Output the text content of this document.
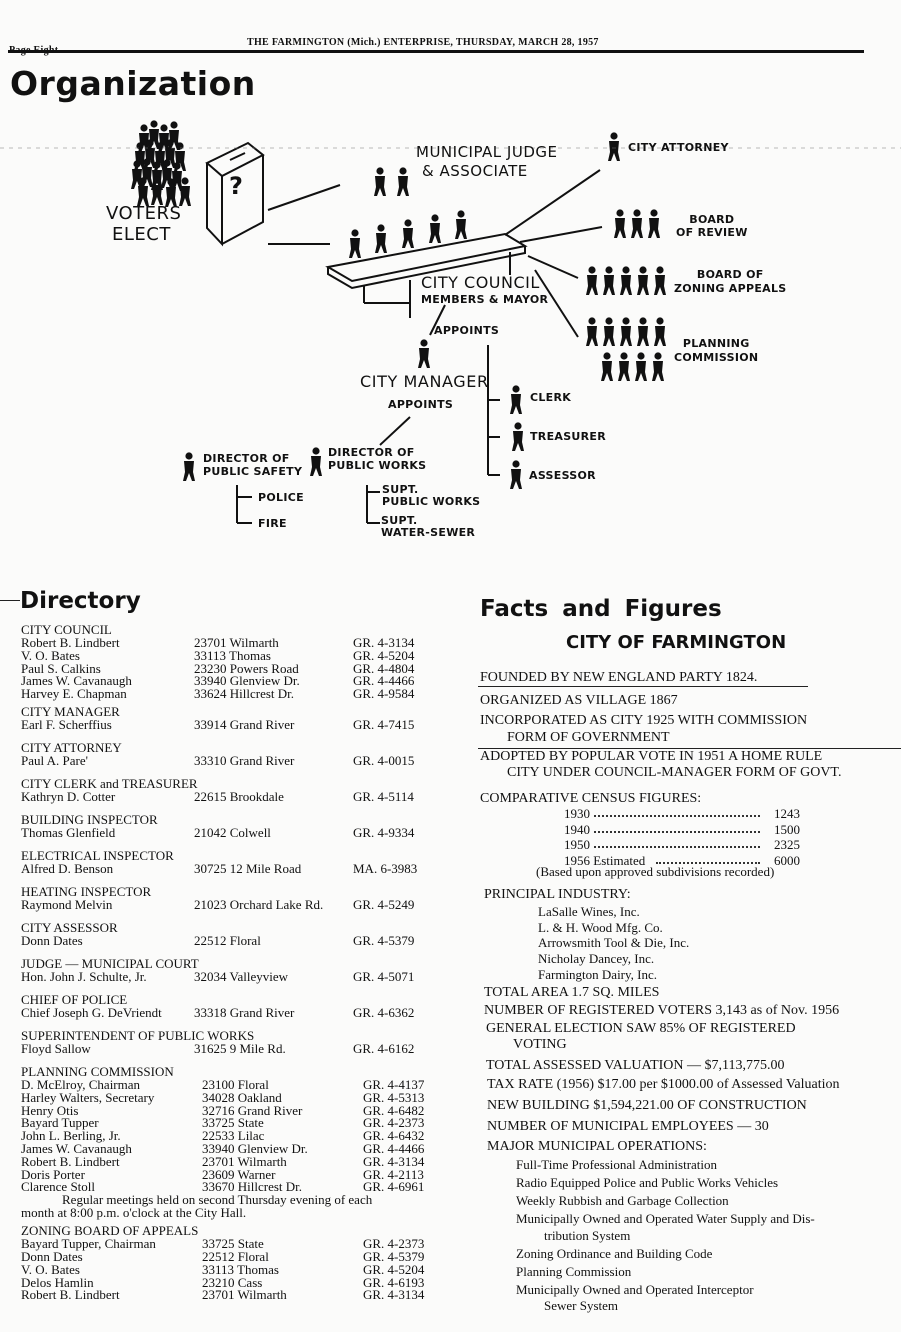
Page Eight
THE FARMINGTON (Mich.) ENTERPRISE, THURSDAY, MARCH 28, 1957
Organization
VOTERS
ELECT
?
MUNICIPAL JUDGE
& ASSOCIATE
CITY ATTORNEY
BOARD
OF REVIEW
BOARD OF
ZONING APPEALS
PLANNING
COMMISSION
CITY COUNCIL
MEMBERS & MAYOR
APPOINTS
CITY MANAGER
APPOINTS
CLERK
TREASURER
ASSESSOR
DIRECTOR OF
PUBLIC SAFETY
DIRECTOR OF
PUBLIC WORKS
POLICE
FIRE
SUPT.
PUBLIC WORKS
SUPT.
WATER-SEWER
Directory
CITY COUNCIL
Robert B. Lindbert	23701 Wilmarth	GR. 4-3134
V. O. Bates	33113 Thomas	GR. 4-5204
Paul S. Calkins	23230 Powers Road	GR. 4-4804
James W. Cavanaugh	33940 Glenview Dr.	GR. 4-4466
Harvey E. Chapman	33624 Hillcrest Dr.	GR. 4-9584
CITY MANAGER
Earl F. Scherffius	33914 Grand River	GR. 4-7415
CITY ATTORNEY
Paul A. Pare'	33310 Grand River	GR. 4-0015
CITY CLERK and TREASURER
Kathryn D. Cotter	22615 Brookdale	GR. 4-5114
BUILDING INSPECTOR
Thomas Glenfield	21042 Colwell	GR. 4-9334
ELECTRICAL INSPECTOR
Alfred D. Benson	30725 12 Mile Road	MA. 6-3983
HEATING INSPECTOR
Raymond Melvin	21023 Orchard Lake Rd. GR. 4-5249
CITY ASSESSOR
Donn Dates	22512 Floral	GR. 4-5379
JUDGE — MUNICIPAL COURT
Hon. John J. Schulte, Jr.	32034 Valleyview	GR. 4-5071
CHIEF OF POLICE
Chief Joseph G. DeVriendt 33318 Grand River	GR. 4-6362
SUPERINTENDENT OF PUBLIC WORKS
Floyd Sallow	31625 9 Mile Rd.	GR. 4-6162
PLANNING COMMISSION
D. McElroy, Chairman	23100 Floral	GR. 4-4137
Harley Walters, Secretary	34028 Oakland	GR. 4-5313
Henry Otis	32716 Grand River	GR. 4-6482
Bayard Tupper	33725 State	GR. 4-2373
John L. Berling, Jr.	22533 Lilac	GR. 4-6432
James W. Cavanaugh	33940 Glenview Dr.	GR. 4-4466
Robert B. Lindbert	23701 Wilmarth	GR. 4-3134
Doris Porter	23609 Warner	GR. 4-2113
Clarence Stoll	33670 Hillcrest Dr.	GR. 4-6961
Regular meetings held on second Thursday evening of each
month at 8:00 p.m. o'clock at the City Hall.
ZONING BOARD OF APPEALS
Bayard Tupper, Chairman	33725 State	GR. 4-2373
Donn Dates	22512 Floral	GR. 4-5379
V. O. Bates	33113 Thomas	GR. 4-5204
Delos Hamlin	23210 Cass	GR. 4-6193
Robert B. Lindbert	23701 Wilmarth	GR. 4-3134
Facts and Figures
CITY OF FARMINGTON
FOUNDED BY NEW ENGLAND PARTY 1824.
ORGANIZED AS VILLAGE 1867
INCORPORATED AS CITY 1925 WITH COMMISSION
FORM OF GOVERNMENT
ADOPTED BY POPULAR VOTE IN 1951 A HOME RULE
CITY UNDER COUNCIL-MANAGER FORM OF GOVT.
COMPARATIVE CENSUS FIGURES:
1930	1243
1940	1500
1950	2325
1956 Estimated	6000
(Based upon approved subdivisions recorded)
PRINCIPAL INDUSTRY:
LaSalle Wines, Inc.
L. & H. Wood Mfg. Co.
Arrowsmith Tool & Die, Inc.
Nicholay Dancey, Inc.
Farmington Dairy, Inc.
TOTAL AREA 1.7 SQ. MILES
NUMBER OF REGISTERED VOTERS 3,143 as of Nov. 1956
GENERAL ELECTION SAW 85% OF REGISTERED
VOTING
TOTAL ASSESSED VALUATION — $7,113,775.00
TAX RATE (1956) $17.00 per $1000.00 of Assessed Valuation
NEW BUILDING $1,594,221.00 OF CONSTRUCTION
NUMBER OF MUNICIPAL EMPLOYEES — 30
MAJOR MUNICIPAL OPERATIONS:
Full-Time Professional Administration
Radio Equipped Police and Public Works Vehicles
Weekly Rubbish and Garbage Collection
Municipally Owned and Operated Water Supply and Dis-
tribution System
Zoning Ordinance and Building Code
Planning Commission
Municipally Owned and Operated Interceptor
Sewer System
